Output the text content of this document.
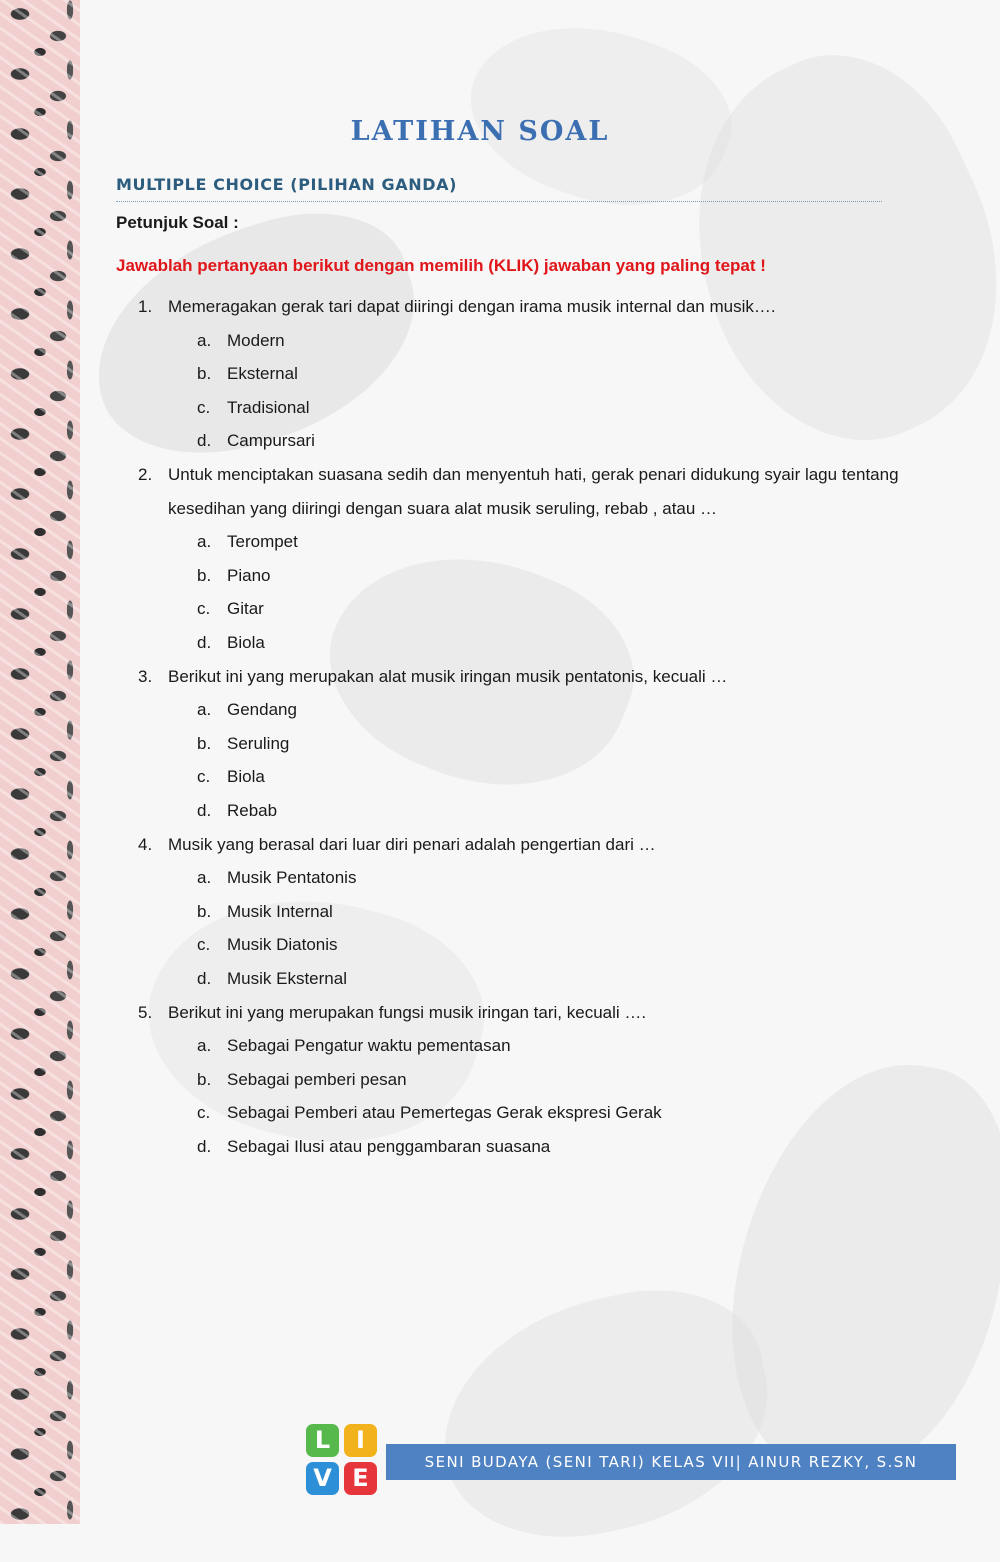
LATIHAN SOAL
MULTIPLE CHOICE (PILIHAN GANDA)
Petunjuk Soal :
Jawablah pertanyaan berikut dengan memilih (KLIK) jawaban yang paling tepat !
1. Memeragakan gerak tari dapat diiringi dengan irama musik internal dan musik….
a. Modern
b. Eksternal
c. Tradisional
d. Campursari
2. Untuk menciptakan suasana sedih dan menyentuh hati, gerak penari didukung syair lagu tentang
kesedihan yang diiringi dengan suara alat musik seruling, rebab , atau …
a. Terompet
b. Piano
c. Gitar
d. Biola
3. Berikut ini yang merupakan alat musik iringan musik pentatonis, kecuali …
a. Gendang
b. Seruling
c. Biola
d. Rebab
4. Musik yang berasal dari luar diri penari adalah pengertian dari …
a. Musik Pentatonis
b. Musik Internal
c. Musik Diatonis
d. Musik Eksternal
5. Berikut ini yang merupakan fungsi musik iringan tari, kecuali ….
a. Sebagai Pengatur waktu pementasan
b. Sebagai pemberi pesan
c. Sebagai Pemberi atau Pemertegas Gerak ekspresi Gerak
d. Sebagai Ilusi atau penggambaran suasana
L	I
V E
SENI BUDAYA (SENI TARI) KELAS VII| AINUR REZKY, S.SN
